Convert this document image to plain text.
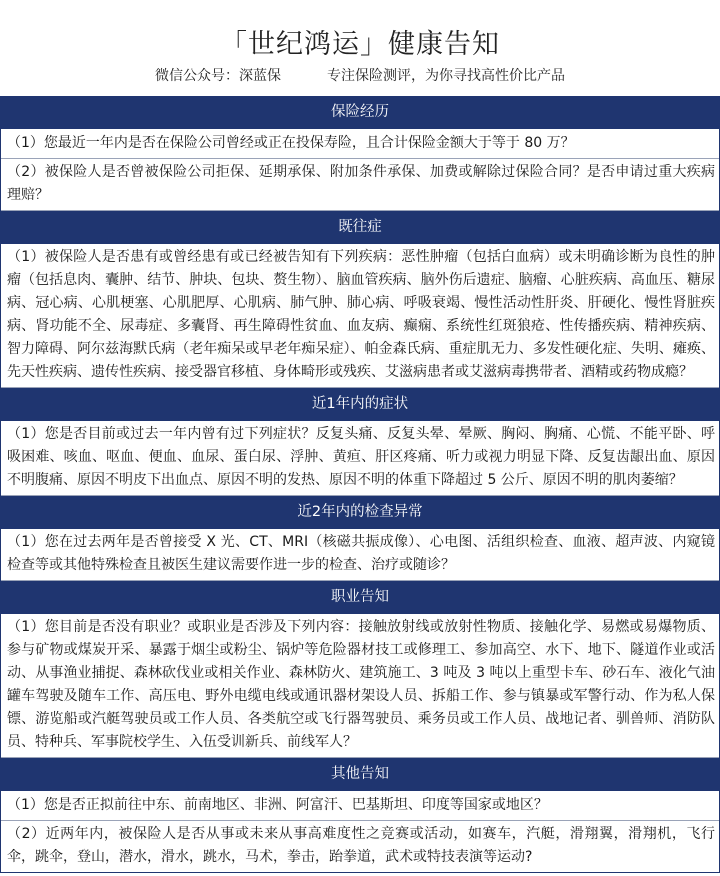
「世纪鸿运」健康告知
微信公众号：深蓝保	专注保险测评，为你寻找高性价比产品
保险经历
（1）您最近一年内是否在保险公司曾经或正在投保寿险，且合计保险金额大于等于 80 万？
（2）被保险人是否曾被保险公司拒保、延期承保、附加条件承保、加费或解除过保险合同？是否申请过重大疾病理赔？
既往症
（1）被保险人是否患有或曾经患有或已经被告知有下列疾病：恶性肿瘤（包括白血病）或未明确诊断为良性的肿瘤（包括息肉、囊肿、结节、肿块、包块、赘生物）、脑血管疾病、脑外伤后遗症、脑瘤、心脏疾病、高血压、糖尿病、冠心病、心肌梗塞、心肌肥厚、心肌病、肺气肿、肺心病、呼吸衰竭、慢性活动性肝炎、肝硬化、慢性肾脏疾病、肾功能不全、尿毒症、多囊肾、再生障碍性贫血、血友病、癫痫、系统性红斑狼疮、性传播疾病、精神疾病、智力障碍、阿尔兹海默氏病（老年痴呆或早老年痴呆症）、帕金森氏病、重症肌无力、多发性硬化症、失明、瘫痪、先天性疾病、遗传性疾病、接受器官移植、身体畸形或残疾、艾滋病患者或艾滋病毒携带者、酒精或药物成瘾？
近1年内的症状
（1）您是否目前或过去一年内曾有过下列症状？反复头痛、反复头晕、晕厥、胸闷、胸痛、心慌、不能平卧、呼吸困难、咳血、呕血、便血、血尿、蛋白尿、浮肿、黄疸、肝区疼痛、听力或视力明显下降、反复齿龈出血、原因不明腹痛、原因不明皮下出血点、原因不明的发热、原因不明的体重下降超过 5 公斤、原因不明的肌肉萎缩？
近2年内的检查异常
（1）您在过去两年是否曾接受 X 光、CT、MRI（核磁共振成像）、心电图、活组织检查、血液、超声波、内窥镜检查等或其他特殊检查且被医生建议需要作进一步的检查、治疗或随诊？
职业告知
（1）您目前是否没有职业？或职业是否涉及下列内容：接触放射线或放射性物质、接触化学、易燃或易爆物质、参与矿物或煤炭开采、暴露于烟尘或粉尘、锅炉等危险器材技工或修理工、参加高空、水下、地下、隧道作业或活动、从事渔业捕捉、森林砍伐业或相关作业、森林防火、建筑施工、3 吨及 3 吨以上重型卡车、砂石车、液化气油罐车驾驶及随车工作、高压电、野外电缆电线或通讯器材架设人员、拆船工作、参与镇暴或军警行动、作为私人保镖、游览船或汽艇驾驶员或工作人员、各类航空或飞行器驾驶员、乘务员或工作人员、战地记者、驯兽师、消防队员、特种兵、军事院校学生、入伍受训新兵、前线军人？
其他告知
（1）您是否正拟前往中东、前南地区、非洲、阿富汗、巴基斯坦、印度等国家或地区？
（2）近两年内，被保险人是否从事或未来从事高难度性之竞赛或活动，如赛车，汽艇，滑翔翼，滑翔机，飞行伞，跳伞，登山，潜水，滑水，跳水，马术，拳击，跆拳道，武术或特技表演等运动?
